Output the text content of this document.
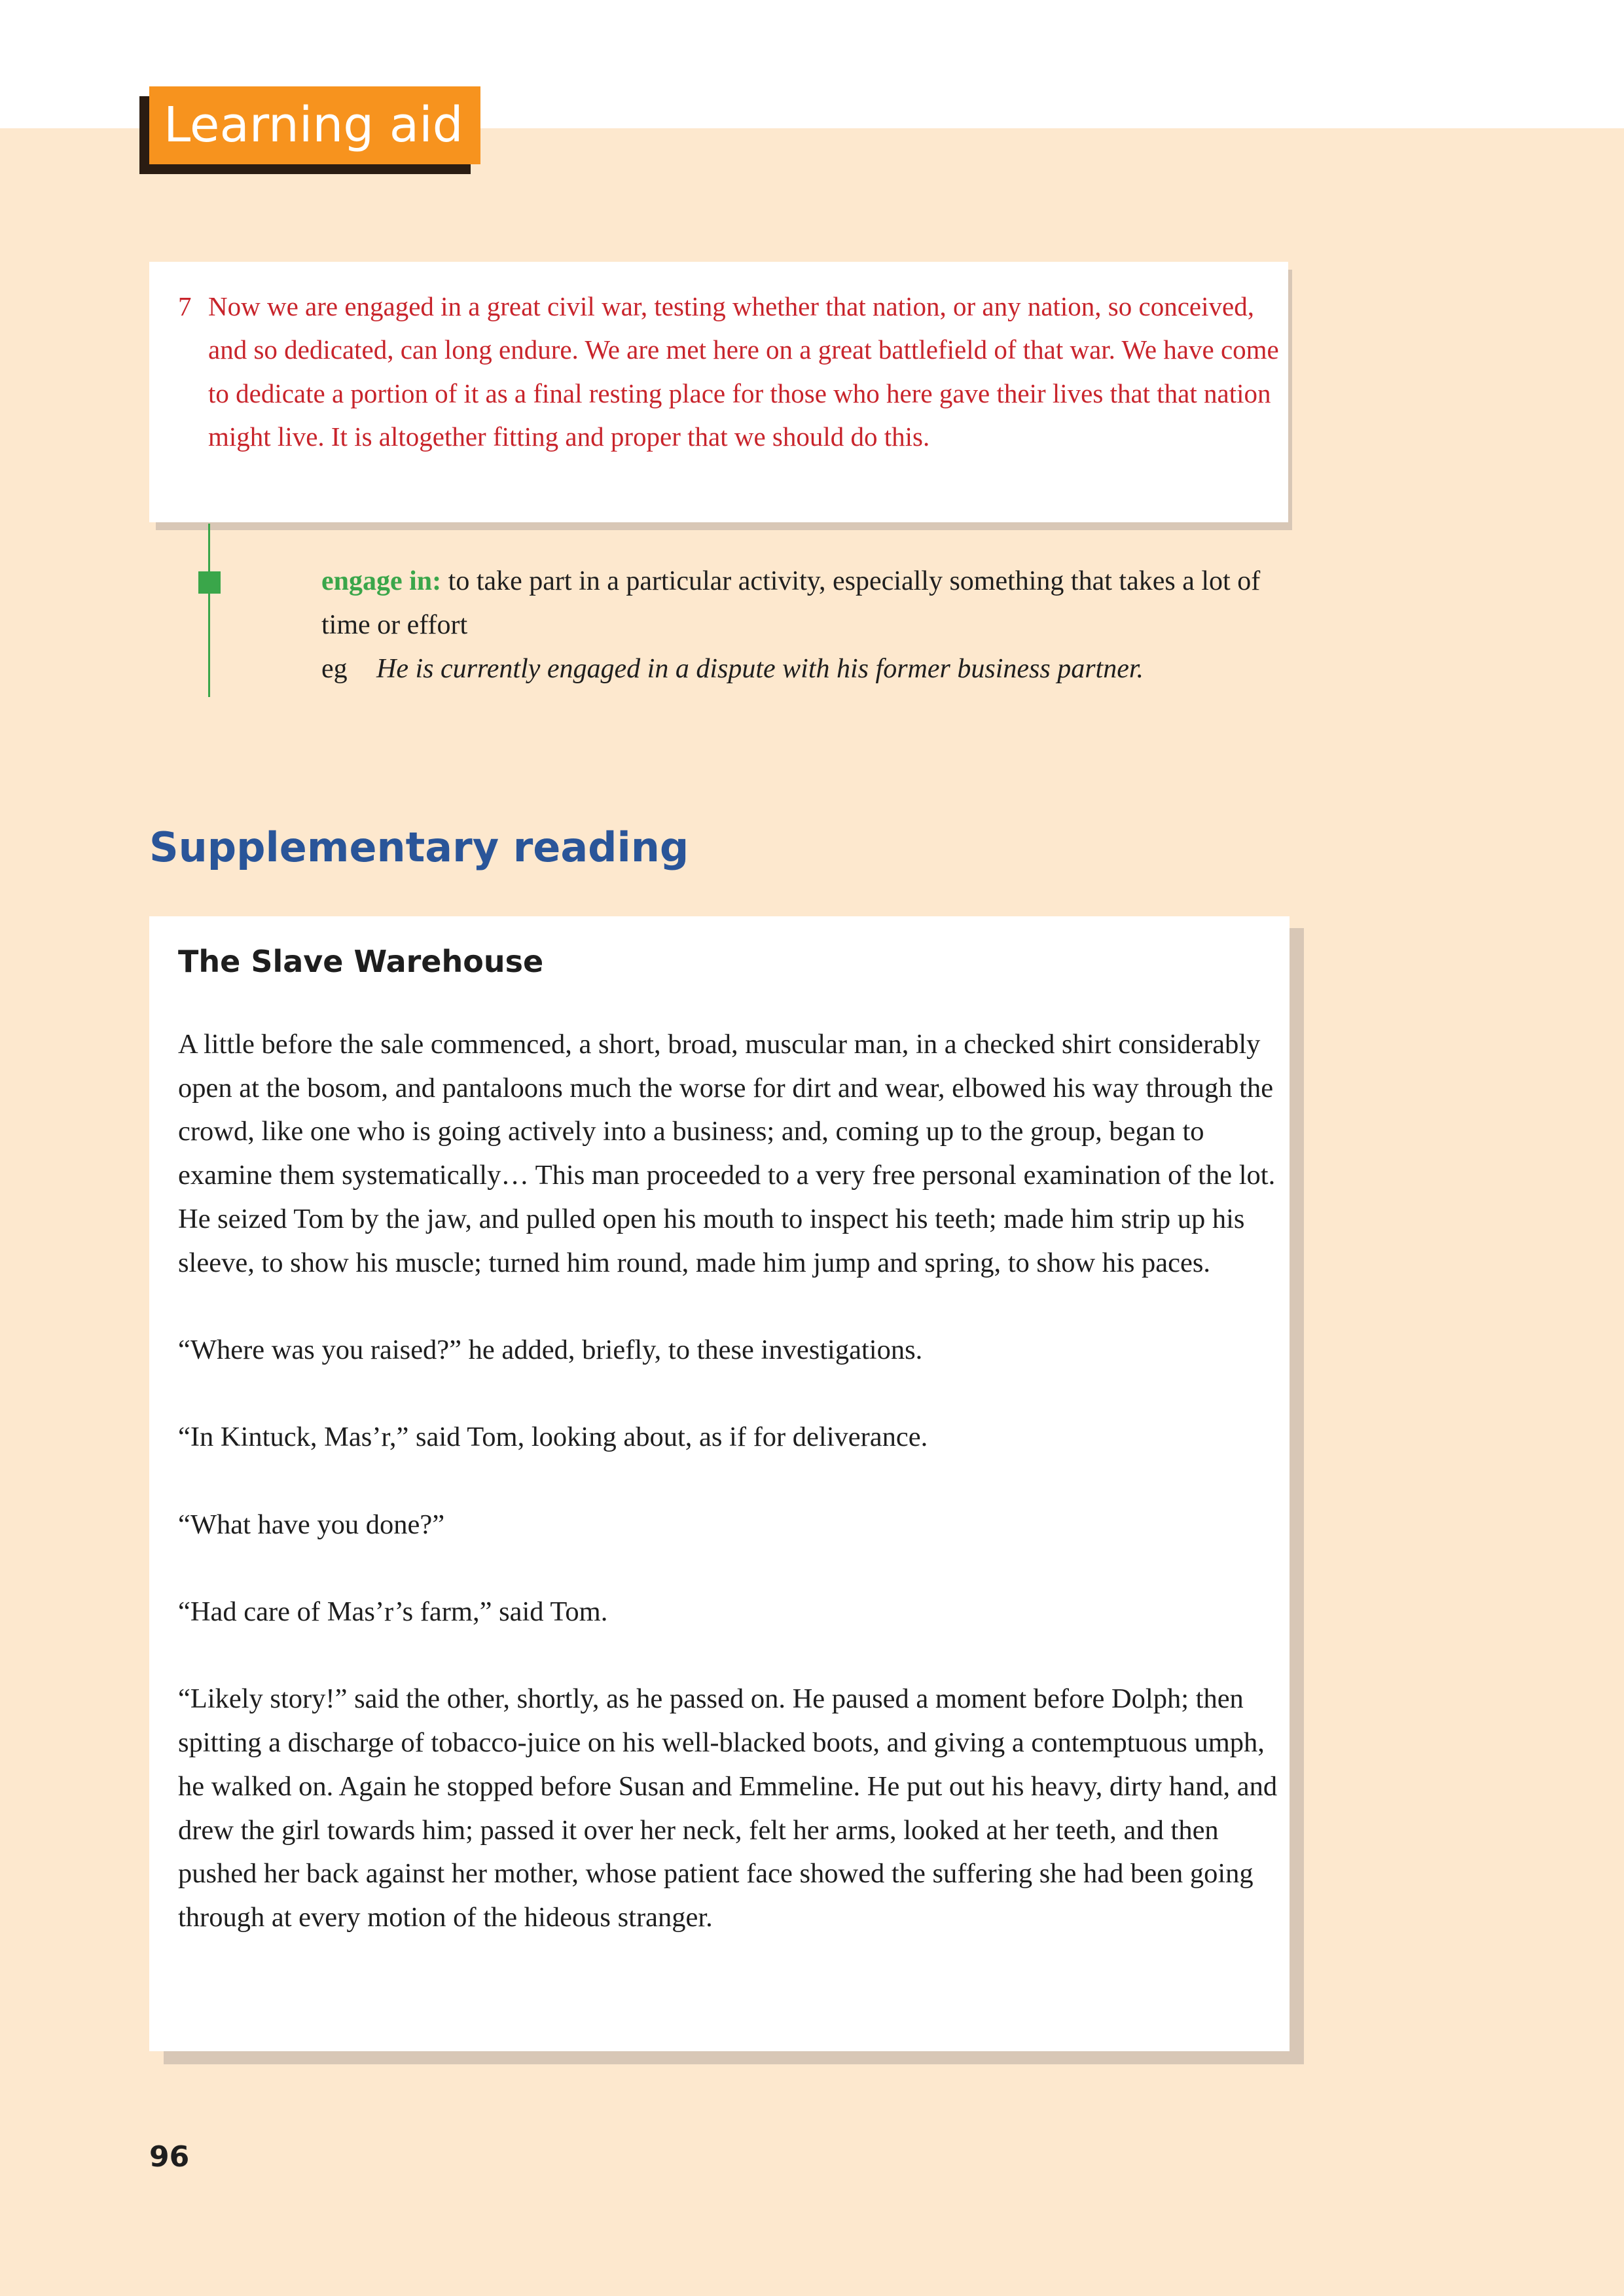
Learning aid
7 Now we are engaged in a great civil war, testing whether that nation, or any nation, so conceived, and so dedicated, can long endure. We are met here on a great battlefield of that war. We have come to dedicate a portion of it as a final resting place for those who here gave their lives that that nation might live. It is altogether fitting and proper that we should do this.
engage in: to take part in a particular activity, especially something that takes a lot of time or effort
eg He is currently engaged in a dispute with his former business partner.
Supplementary reading
The Slave Warehouse

A little before the sale commenced, a short, broad, muscular man, in a checked shirt considerably open at the bosom, and pantaloons much the worse for dirt and wear, elbowed his way through the crowd, like one who is going actively into a business; and, coming up to the group, began to examine them systematically… This man proceeded to a very free personal examination of the lot. He seized Tom by the jaw, and pulled open his mouth to inspect his teeth; made him strip up his sleeve, to show his muscle; turned him round, made him jump and spring, to show his paces.

“Where was you raised?” he added, briefly, to these investigations.

“In Kintuck, Mas’r,” said Tom, looking about, as if for deliverance.

“What have you done?”

“Had care of Mas’r’s farm,” said Tom.

“Likely story!” said the other, shortly, as he passed on. He paused a moment before Dolph; then spitting a discharge of tobacco-juice on his well-blacked boots, and giving a contemptuous umph, he walked on. Again he stopped before Susan and Emmeline. He put out his heavy, dirty hand, and drew the girl towards him; passed it over her neck, felt her arms, looked at her teeth, and then pushed her back against her mother, whose patient face showed the suffering she had been going through at every motion of the hideous stranger.

96
